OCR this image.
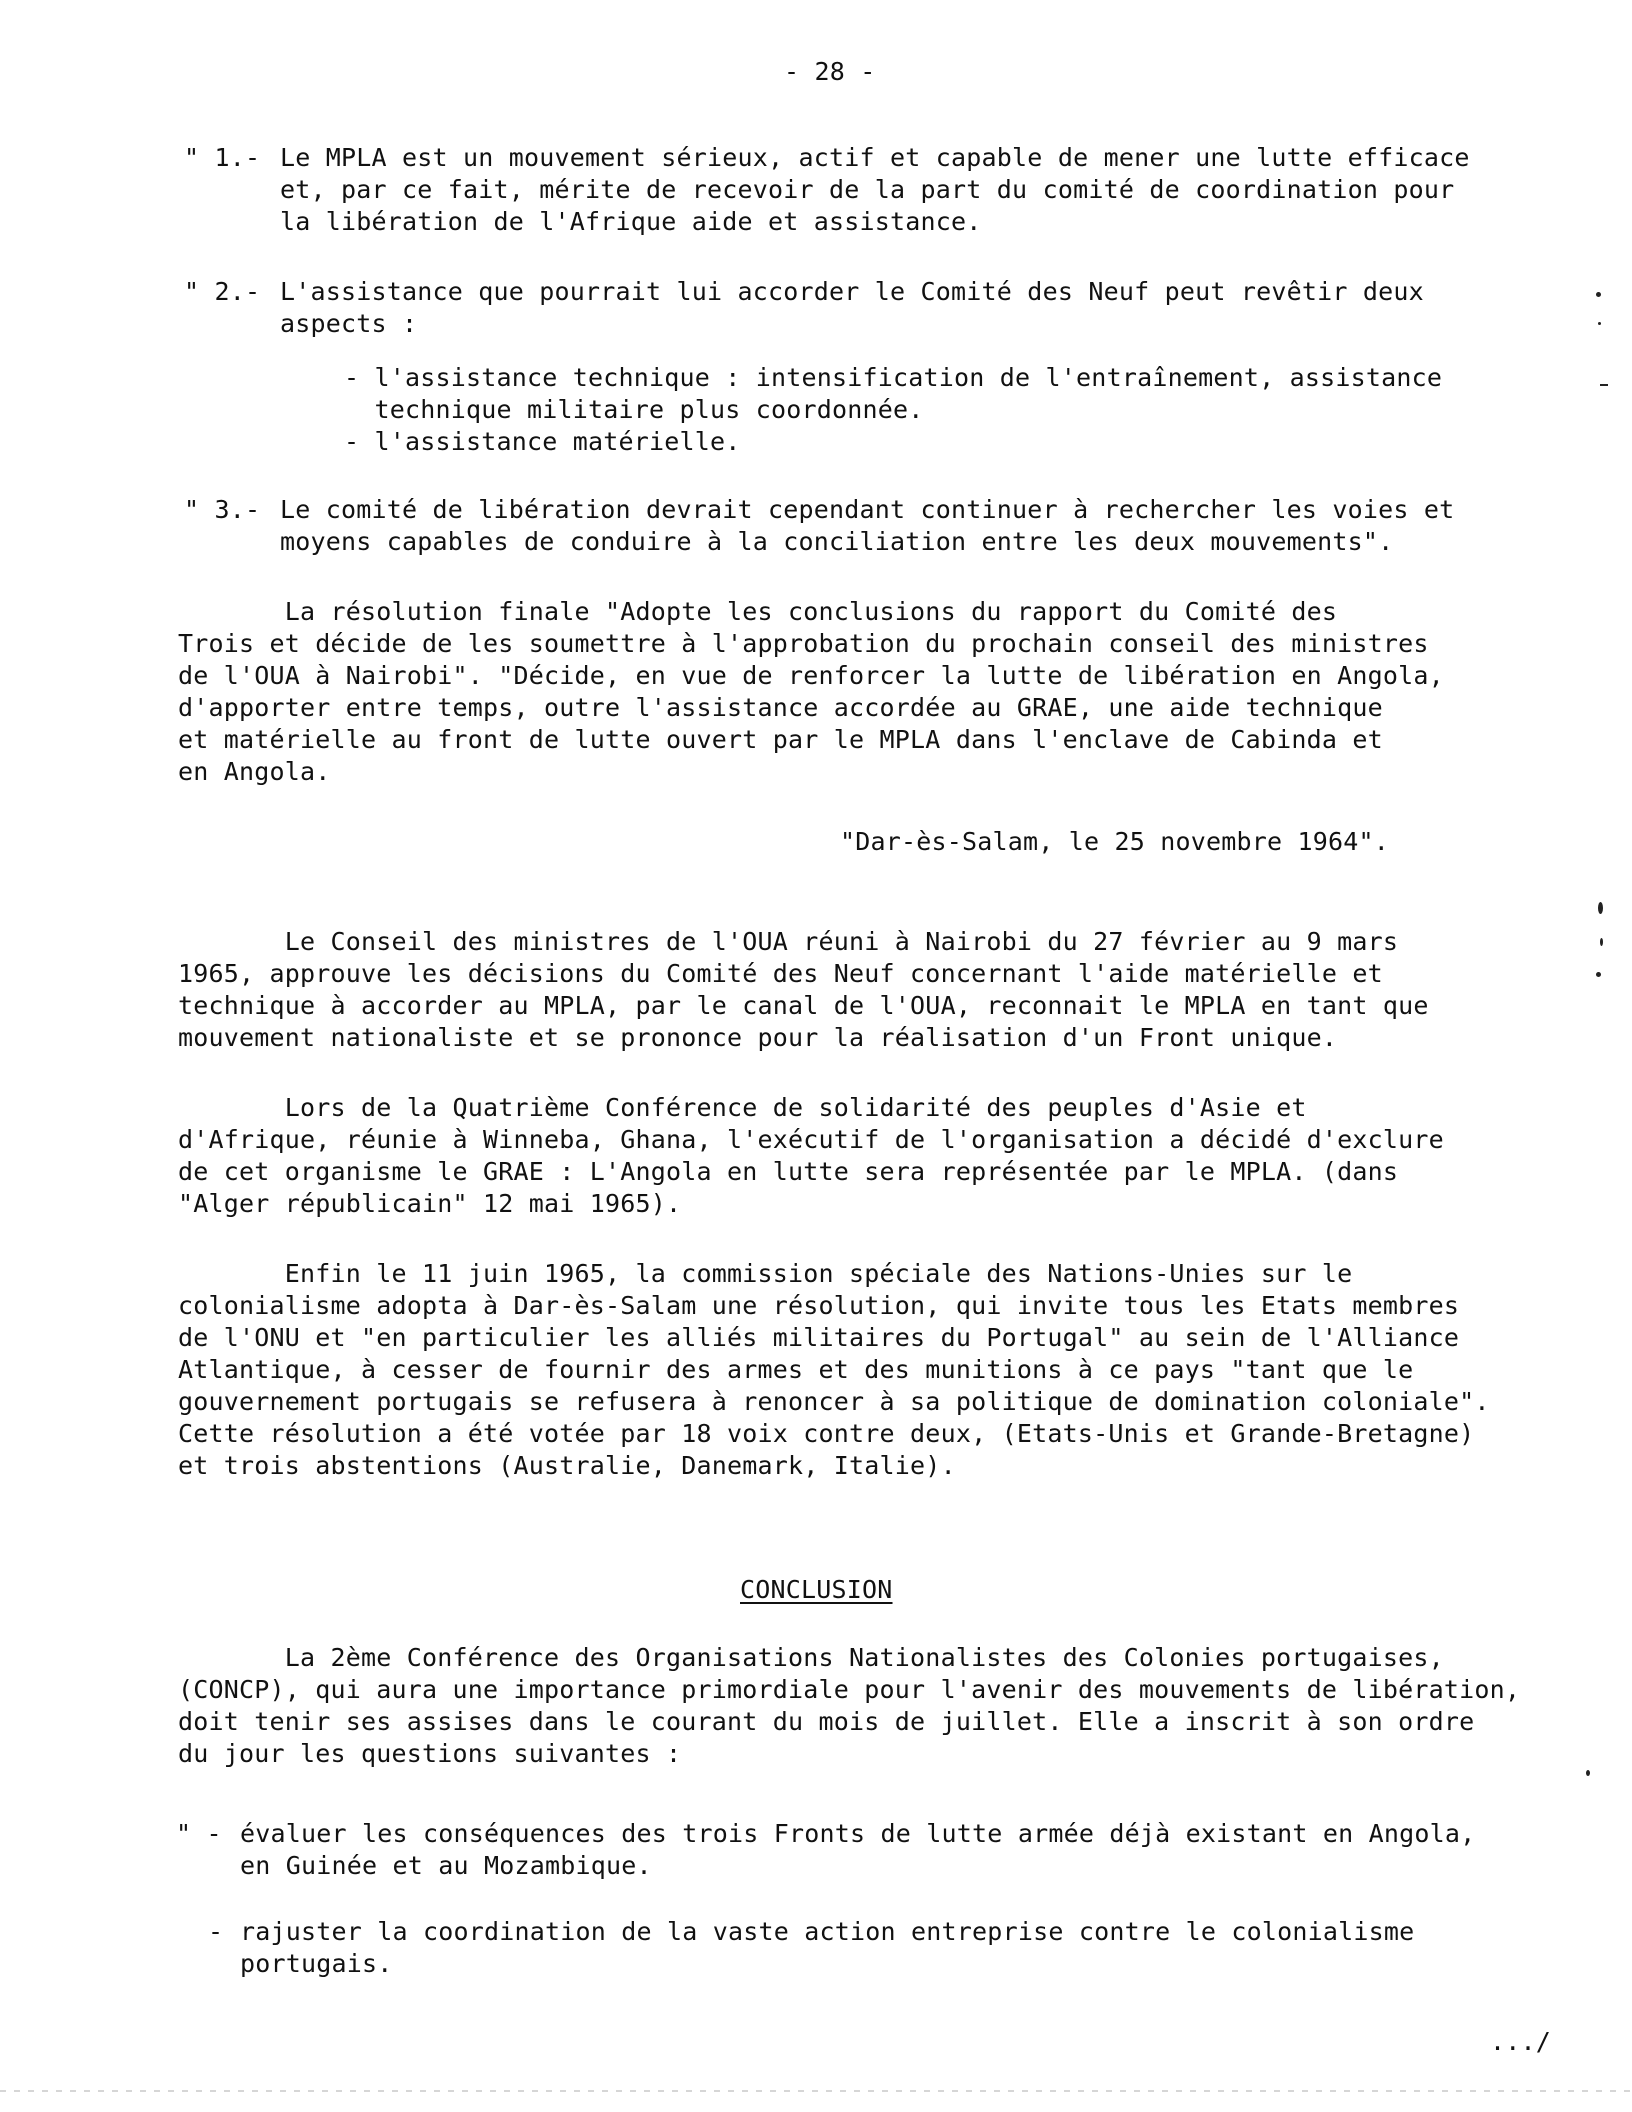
- 28 -
" 1.- Le MPLA est un mouvement sérieux, actif et capable de mener une lutte efficace
et, par ce fait, mérite de recevoir de la part du comité de coordination pour
la libération de l'Afrique aide et assistance.
" 2.- L'assistance que pourrait lui accorder le Comité des Neuf peut revêtir deux
aspects :
- l'assistance technique : intensification de l'entraînement, assistance
technique militaire plus coordonnée.
- l'assistance matérielle.
" 3.- Le comité de libération devrait cependant continuer à rechercher les voies et
moyens capables de conduire à la conciliation entre les deux mouvements".
La résolution finale "Adopte les conclusions du rapport du Comité des
Trois et décide de les soumettre à l'approbation du prochain conseil des ministres
de l'OUA à Nairobi". "Décide, en vue de renforcer la lutte de libération en Angola,
d'apporter entre temps, outre l'assistance accordée au GRAE, une aide technique
et matérielle au front de lutte ouvert par le MPLA dans l'enclave de Cabinda et
en Angola.
"Dar-ès-Salam, le 25 novembre 1964".
Le Conseil des ministres de l'OUA réuni à Nairobi du 27 février au 9 mars
1965, approuve les décisions du Comité des Neuf concernant l'aide matérielle et
technique à accorder au MPLA, par le canal de l'OUA, reconnait le MPLA en tant que
mouvement nationaliste et se prononce pour la réalisation d'un Front unique.
Lors de la Quatrième Conférence de solidarité des peuples d'Asie et
d'Afrique, réunie à Winneba, Ghana, l'exécutif de l'organisation a décidé d'exclure
de cet organisme le GRAE : L'Angola en lutte sera représentée par le MPLA. (dans
"Alger républicain" 12 mai 1965).
Enfin le 11 juin 1965, la commission spéciale des Nations-Unies sur le
colonialisme adopta à Dar-ès-Salam une résolution, qui invite tous les Etats membres
de l'ONU et "en particulier les alliés militaires du Portugal" au sein de l'Alliance
Atlantique, à cesser de fournir des armes et des munitions à ce pays "tant que le
gouvernement portugais se refusera à renoncer à sa politique de domination coloniale".
Cette résolution a été votée par 18 voix contre deux, (Etats-Unis et Grande-Bretagne)
et trois abstentions (Australie, Danemark, Italie).
CONCLUSION
La 2ème Conférence des Organisations Nationalistes des Colonies portugaises,
(CONCP), qui aura une importance primordiale pour l'avenir des mouvements de libération,
doit tenir ses assises dans le courant du mois de juillet. Elle a inscrit à son ordre
du jour les questions suivantes :
" - évaluer les conséquences des trois Fronts de lutte armée déjà existant en Angola,
en Guinée et au Mozambique.
- rajuster la coordination de la vaste action entreprise contre le colonialisme
portugais.
.../
